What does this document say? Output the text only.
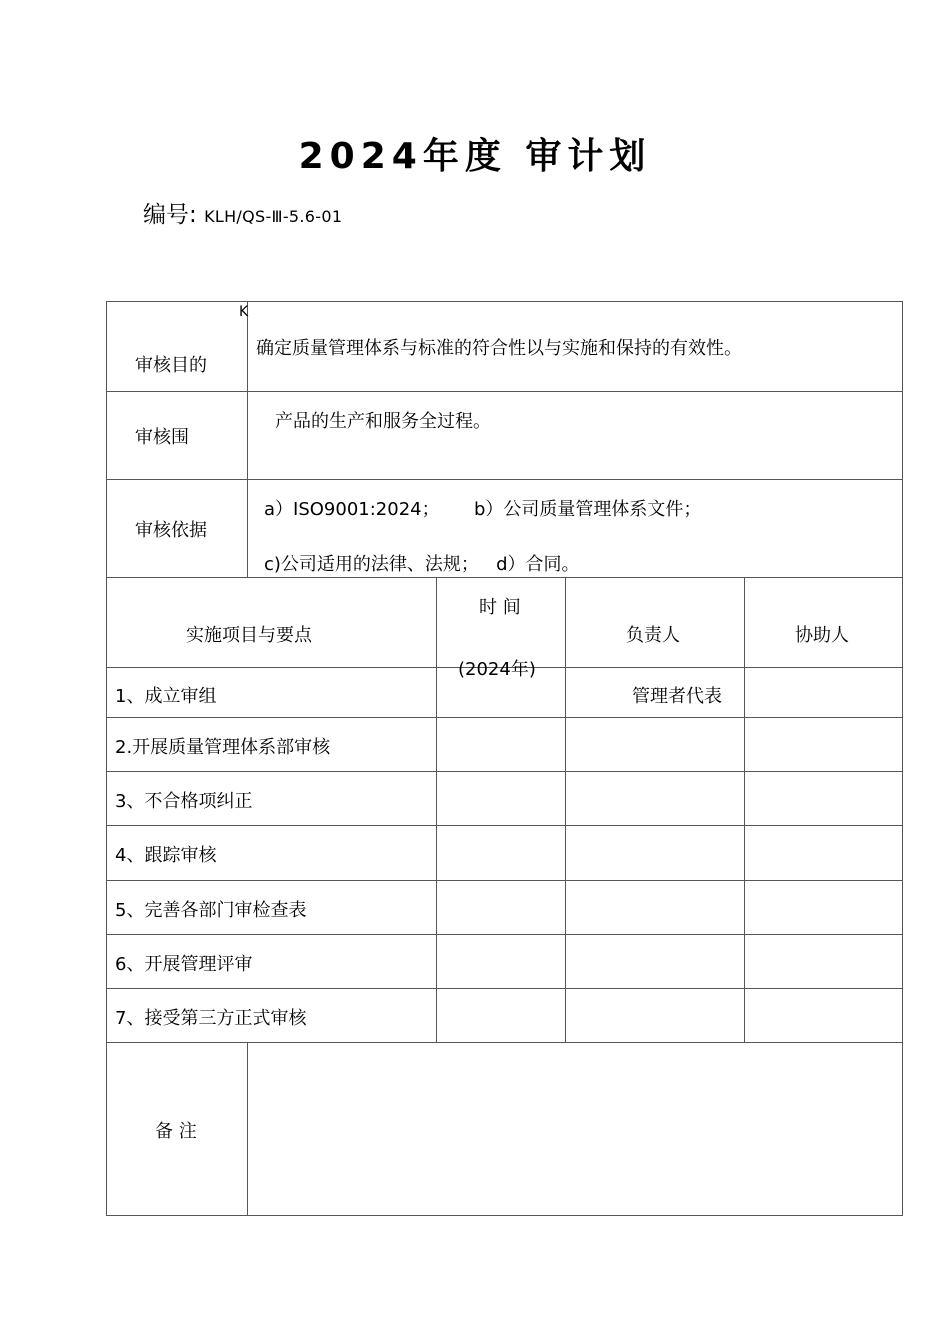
2024年度 审计划
编号: KLH/QS-Ⅲ-5.6-01
K
审核目的
确定质量管理体系与标准的符合性以与实施和保持的有效性。
审核围
产品的生产和服务全过程。
审核依据
a）ISO9001:2024；      b）公司质量管理体系文件；
c)公司适用的法律、法规；   d）合同。
实施项目与要点
时 间
(2024年)
负责人	协助人
1、成立审组	管理者代表
2.开展质量管理体系部审核
3、不合格项纠正
4、跟踪审核
5、完善各部门审检查表
6、开展管理评审
7、接受第三方正式审核
备 注
